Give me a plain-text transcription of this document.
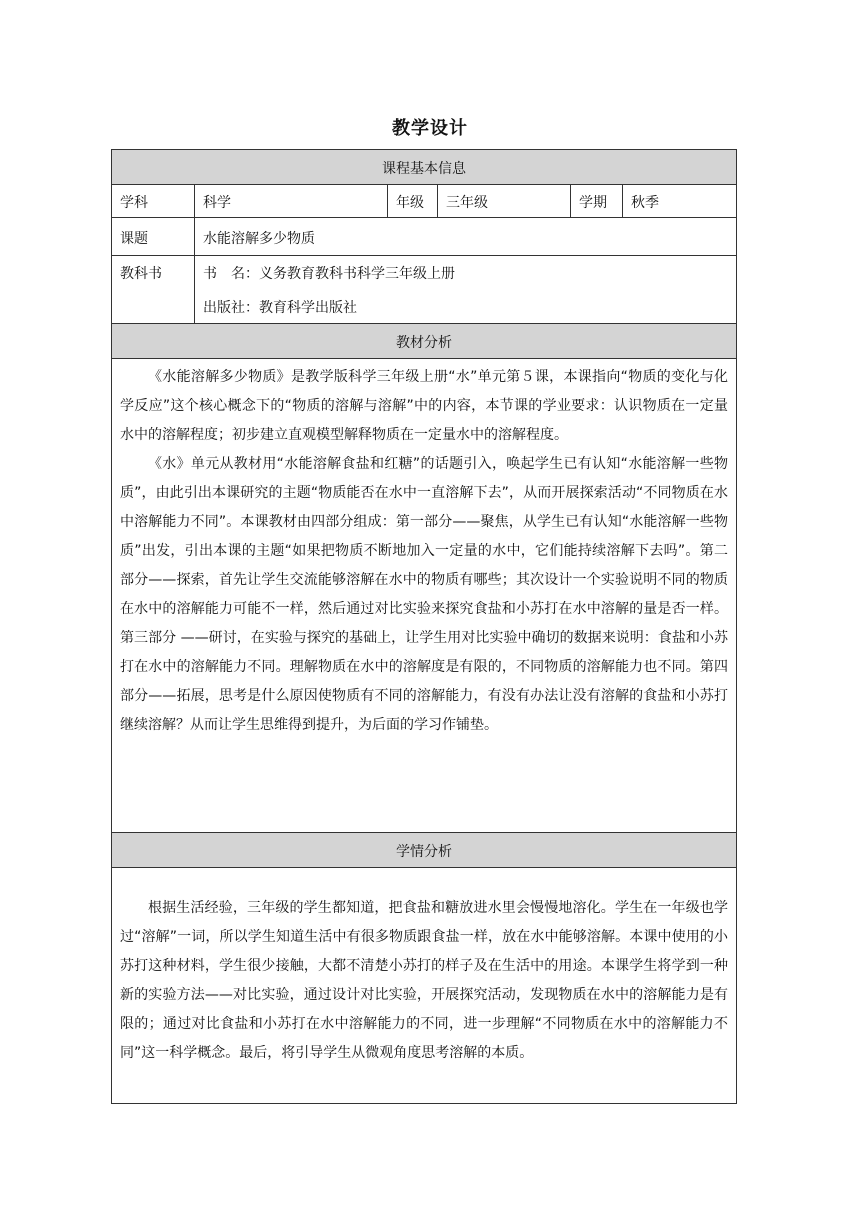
教学设计
课程基本信息
学科	科学	年级 三年级	学期 秋季
课题	水能溶解多少物质
教科书	书　名：义务教育教科书科学三年级上册
出版社：教育科学出版社
教材分析

《水能溶解多少物质》是教学版科学三年级上册“水”单元第５课，本课指向“物质的变化与化学反应”这个核心概念下的“物质的溶解与溶解”中的内容，本节课的学业要求：认识物质在一定量水中的溶解程度；初步建立直观模型解释物质在一定量水中的溶解程度。

《水》单元从教材用“水能溶解食盐和红糖”的话题引入，唤起学生已有认知“水能溶解一些物质”，由此引出本课研究的主题“物质能否在水中一直溶解下去”，从而开展探索活动“不同物质在水中溶解能力不同”。本课教材由四部分组成：第一部分——聚焦，从学生已有认知“水能溶解一些物质”出发，引出本课的主题“如果把物质不断地加入一定量的水中，它们能持续溶解下去吗”。第二部分——探索，首先让学生交流能够溶解在水中的物质有哪些；其次设计一个实验说明不同的物质在水中的溶解能力可能不一样，然后通过对比实验来探究食盐和小苏打在水中溶解的量是否一样。第三部分 ——研讨，在实验与探究的基础上，让学生用对比实验中确切的数据来说明：食盐和小苏打在水中的溶解能力不同。理解物质在水中的溶解度是有限的，不同物质的溶解能力也不同。第四部分——拓展，思考是什么原因使物质有不同的溶解能力，有没有办法让没有溶解的食盐和小苏打继续溶解？从而让学生思维得到提升，为后面的学习作铺垫。

学情分析

根据生活经验，三年级的学生都知道，把食盐和糖放进水里会慢慢地溶化。学生在一年级也学过“溶解”一词，所以学生知道生活中有很多物质跟食盐一样，放在水中能够溶解。本课中使用的小苏打这种材料，学生很少接触，大都不清楚小苏打的样子及在生活中的用途。本课学生将学到一种新的实验方法——对比实验，通过设计对比实验，开展探究活动，发现物质在水中的溶解能力是有限的；通过对比食盐和小苏打在水中溶解能力的不同，进一步理解“不同物质在水中的溶解能力不同”这一科学概念。最后，将引导学生从微观角度思考溶解的本质。
